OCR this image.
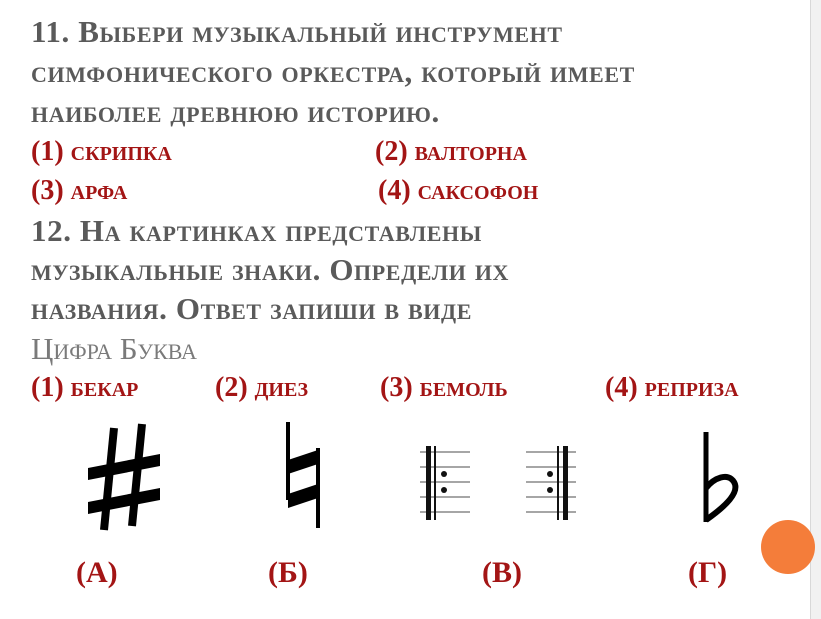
11. Выбери музыкальный инструмент

симфонического оркестра, который имеет

наиболее древнюю историю.

(1) скрипка	(2) валторна

(3) арфа	(4) саксофон

12. На картинках представлены

музыкальные знаки. Определи их

названия. Ответ запиши в виде

Цифра Буква

(1) бекар	(2) диез	(3) бемоль	(4) реприза

(А)	(Б)	(В)	(Г)
